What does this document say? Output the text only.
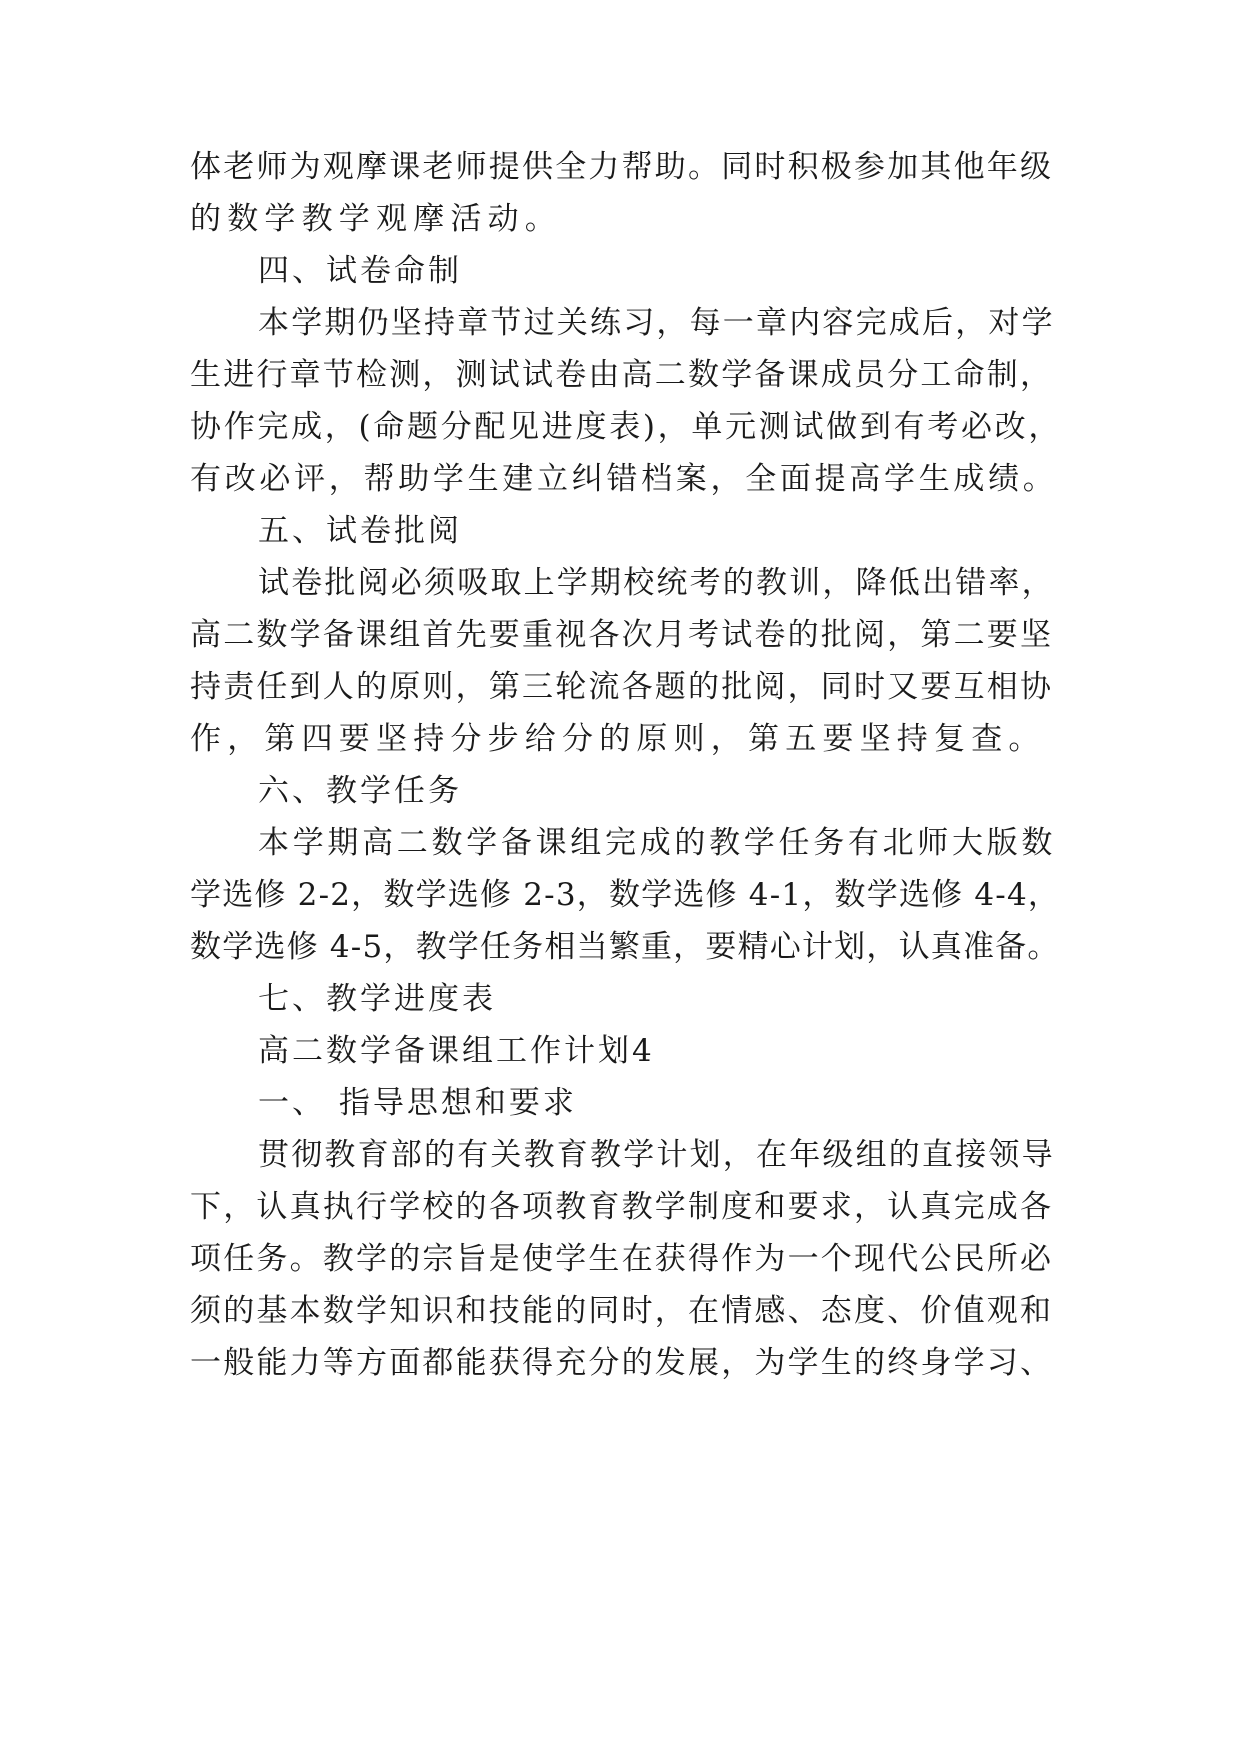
体老师为观摩课老师提供全力帮助。同时积极参加其他年级
的数学教学观摩活动。
四、试卷命制
本学期仍坚持章节过关练习，每一章内容完成后，对学
生进行章节检测，测试试卷由高二数学备课成员分工命制，
协作完成，(命题分配见进度表)，单元测试做到有考必改，
有改必评，帮助学生建立纠错档案，全面提高学生成绩。
五、试卷批阅
试卷批阅必须吸取上学期校统考的教训，降低出错率，
高二数学备课组首先要重视各次月考试卷的批阅，第二要坚
持责任到人的原则，第三轮流各题的批阅，同时又要互相协
作，第四要坚持分步给分的原则，第五要坚持复查。
六、教学任务
本学期高二数学备课组完成的教学任务有北师大版数
学选修 2-2，数学选修 2-3，数学选修 4-1，数学选修 4-4，
数学选修 4-5，教学任务相当繁重，要精心计划，认真准备。
七、教学进度表
高二数学备课组工作计划4
一、 指导思想和要求
贯彻教育部的有关教育教学计划，在年级组的直接领导
下，认真执行学校的各项教育教学制度和要求，认真完成各
项任务。教学的宗旨是使学生在获得作为一个现代公民所必
须的基本数学知识和技能的同时，在情感、态度、价值观和
一般能力等方面都能获得充分的发展，为学生的终身学习、
